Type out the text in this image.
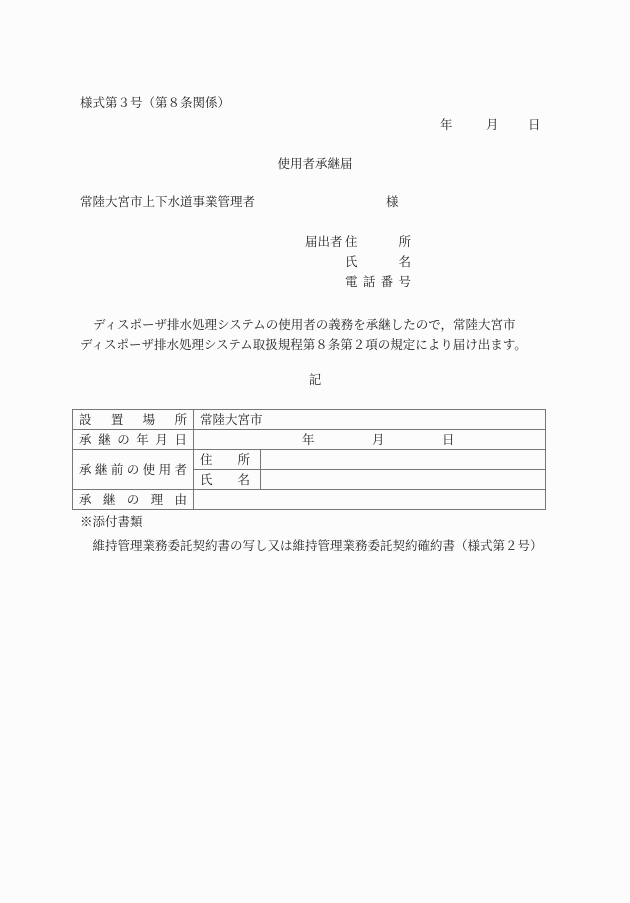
様式第３号（第８条関係）
年	月 日
使用者承継届
常陸大宮市上下水道事業管理者	様
届出者 住所
氏名
電話番号

ディスポーザ排水処理システムの使用者の義務を承継したので，常陸大宮市

ディスポーザ排水処理システム取扱規程第８条第２項の規定により届け出ます。

記
設置場所	常陸大宮市	

承継の年月日	年 月 日	

承継前の使用者	住所	

	氏名	

承継の理由		

※添付書類
維持管理業務委託契約書の写し又は維持管理業務委託契約確約書（様式第２号）
